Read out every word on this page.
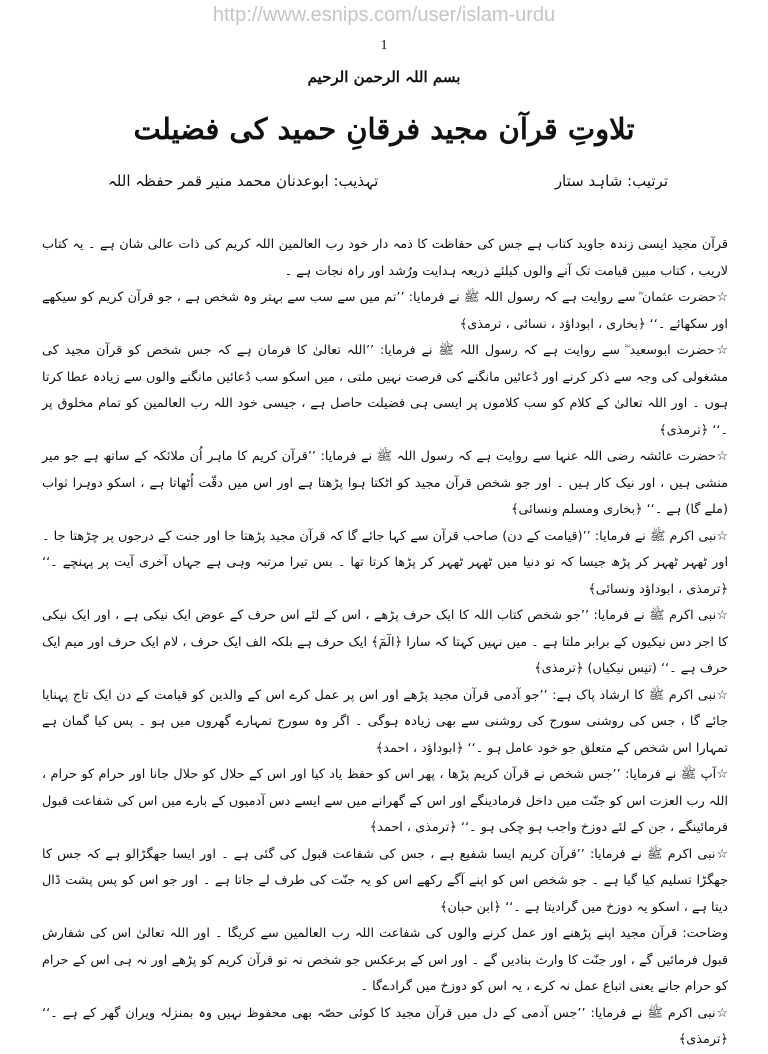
http://www.esnips.com/user/islam-urdu
1
بسم اللہ الرحمن الرحیم
تلاوتِ قرآن مجید فرقانِ حمید کی فضیلت
ترتیب: شاہد ستار
تہذیب: ابوعدنان محمد منیر قمر حفظہ اللہ

قرآن مجید ایسی زندہ جاوید کتاب ہے جس کی حفاظت کا ذمہ دار خود رب العالمین اللہ کریم کی ذات عالی شان ہے ۔ یہ کتاب لاریب ، کتاب مبین قیامت تک آنے والوں کیلئے ذریعہ ہدایت ورُشد اور راہ نجات ہے ۔

☆حضرت عثمان ؓ سے روایت ہے کہ رسول اللہ ﷺ نے فرمایا: ’’تم میں سے سب سے بہتر وہ شخص ہے ، جو قرآن کریم کو سیکھے اور سکھائے ۔‘‘ ﴿بخاری ، ابوداؤد ، نسائی ، ترمذی﴾

☆حضرت ابوسعید ؓ سے روایت ہے کہ رسول اللہ ﷺ نے فرمایا: ’’اللہ تعالیٰ کا فرمان ہے کہ جس شخص کو قرآن مجید کی مشغولی کی وجہ سے ذکر کرنے اور دُعائیں مانگنے کی فرصت نہیں ملتی ، میں اسکو سب دُعائیں مانگنے والوں سے زیادہ عطا کرتا ہوں ۔ اور اللہ تعالیٰ کے کلام کو سب کلاموں پر ایسی ہی فضیلت حاصل ہے ، جیسی خود اللہ رب العالمین کو تمام مخلوق پر ۔‘‘ ﴿ترمذی﴾

☆حضرت عائشہ رضی اللہ عنہا سے روایت ہے کہ رسول اللہ ﷺ نے فرمایا: ’’قرآن کریم کا ماہر اُن ملائکہ کے ساتھ ہے جو میر منشی ہیں ، اور نیک کار ہیں ۔ اور جو شخص قرآن مجید کو اٹکتا ہوا پڑھتا ہے اور اس میں دقّت اُٹھاتا ہے ، اسکو دوہرا ثواب (ملے گا) ہے ۔‘‘ ﴿بخاری ومسلم ونسائی﴾

☆نبی اکرم ﷺ نے فرمایا: ’’(قیامت کے دن) صاحب قرآن سے کہا جائے گا کہ قرآن مجید پڑھتا جا اور جنت کے درجوں پر چڑھتا جا ۔ اور ٹھہر ٹھہر کر پڑھ جیسا کہ تو دنیا میں ٹھہر ٹھہر کر پڑھا کرتا تھا ۔ بس تیرا مرتبہ وہی ہے جہاں آخری آیت پر پہنچے ۔‘‘ ﴿ترمذی ، ابوداؤد ونسائی﴾

☆نبی اکرم ﷺ نے فرمایا: ’’جو شخص کتاب اللہ کا ایک حرف پڑھے ، اس کے لئے اس حرف کے عوض ایک نیکی ہے ، اور ایک نیکی کا اجر دس نیکیوں کے برابر ملتا ہے ۔ میں نہیں کہتا کہ سارا ﴿الٓمٓ﴾ ایک حرف ہے بلکہ الف ایک حرف ، لام ایک حرف اور میم ایک حرف ہے ۔‘‘ (تیس نیکیاں) ﴿ترمذی﴾

☆نبی اکرم ﷺ کا ارشاد پاک ہے: ’’جو آدمی قرآن مجید پڑھے اور اس پر عمل کرے اس کے والدین کو قیامت کے دن ایک تاج پہنایا جائے گا ، جس کی روشنی سورج کی روشنی سے بھی زیادہ ہوگی ۔ اگر وہ سورج تمہارے گھروں میں ہو ۔ پس کیا گمان ہے تمہارا اس شخص کے متعلق جو خود عامل ہو ۔‘‘ ﴿ابوداؤد ، احمد﴾

☆آپ ﷺ نے فرمایا: ’’جس شخص نے قرآن کریم پڑھا ، پھر اس کو حفظ یاد کیا اور اس کے حلال کو حلال جانا اور حرام کو حرام ، اللہ رب العزت اس کو جنّت میں داخل فرمادینگے اور اس کے گھرانے میں سے ایسے دس آدمیوں کے بارے میں اس کی شفاعت قبول فرمائینگے ، جن کے لئے دوزخ واجب ہو چکی ہو ۔‘‘ ﴿ترمذی ، احمد﴾

☆نبی اکرم ﷺ نے فرمایا: ’’قرآن کریم ایسا شفیع ہے ، جس کی شفاعت قبول کی گئی ہے ۔ اور ایسا جھگڑالو ہے کہ جس کا جھگڑا تسلیم کیا گیا ہے ۔ جو شخص اس کو اپنے آگے رکھے اس کو یہ جنّت کی طرف لے جاتا ہے ۔ اور جو اس کو پس پشت ڈال دیتا ہے ، اسکو یہ دوزخ میں گرادیتا ہے ۔‘‘ ﴿ابن حبان﴾

وضاحت: قرآن مجید اپنے پڑھنے اور عمل کرنے والوں کی شفاعت اللہ رب العالمین سے کریگا ۔ اور اللہ تعالیٰ اس کی شفارش قبول فرمائیں گے ، اور جنّت کا وارث بنادیں گے ۔ اور اس کے برعکس جو شخص نہ تو قرآن کریم کو پڑھے اور نہ ہی اس کے حرام کو حرام جانے یعنی اتباع عمل نہ کرے ، یہ اس کو دوزخ میں گرادےگا ۔

☆نبی اکرم ﷺ نے فرمایا: ’’جس آدمی کے دل میں قرآن مجید کا کوئی حصّہ بھی محفوظ نہیں وہ بمنزلہ ویران گھر کے ہے ۔‘‘ ﴿ترمذی﴾
